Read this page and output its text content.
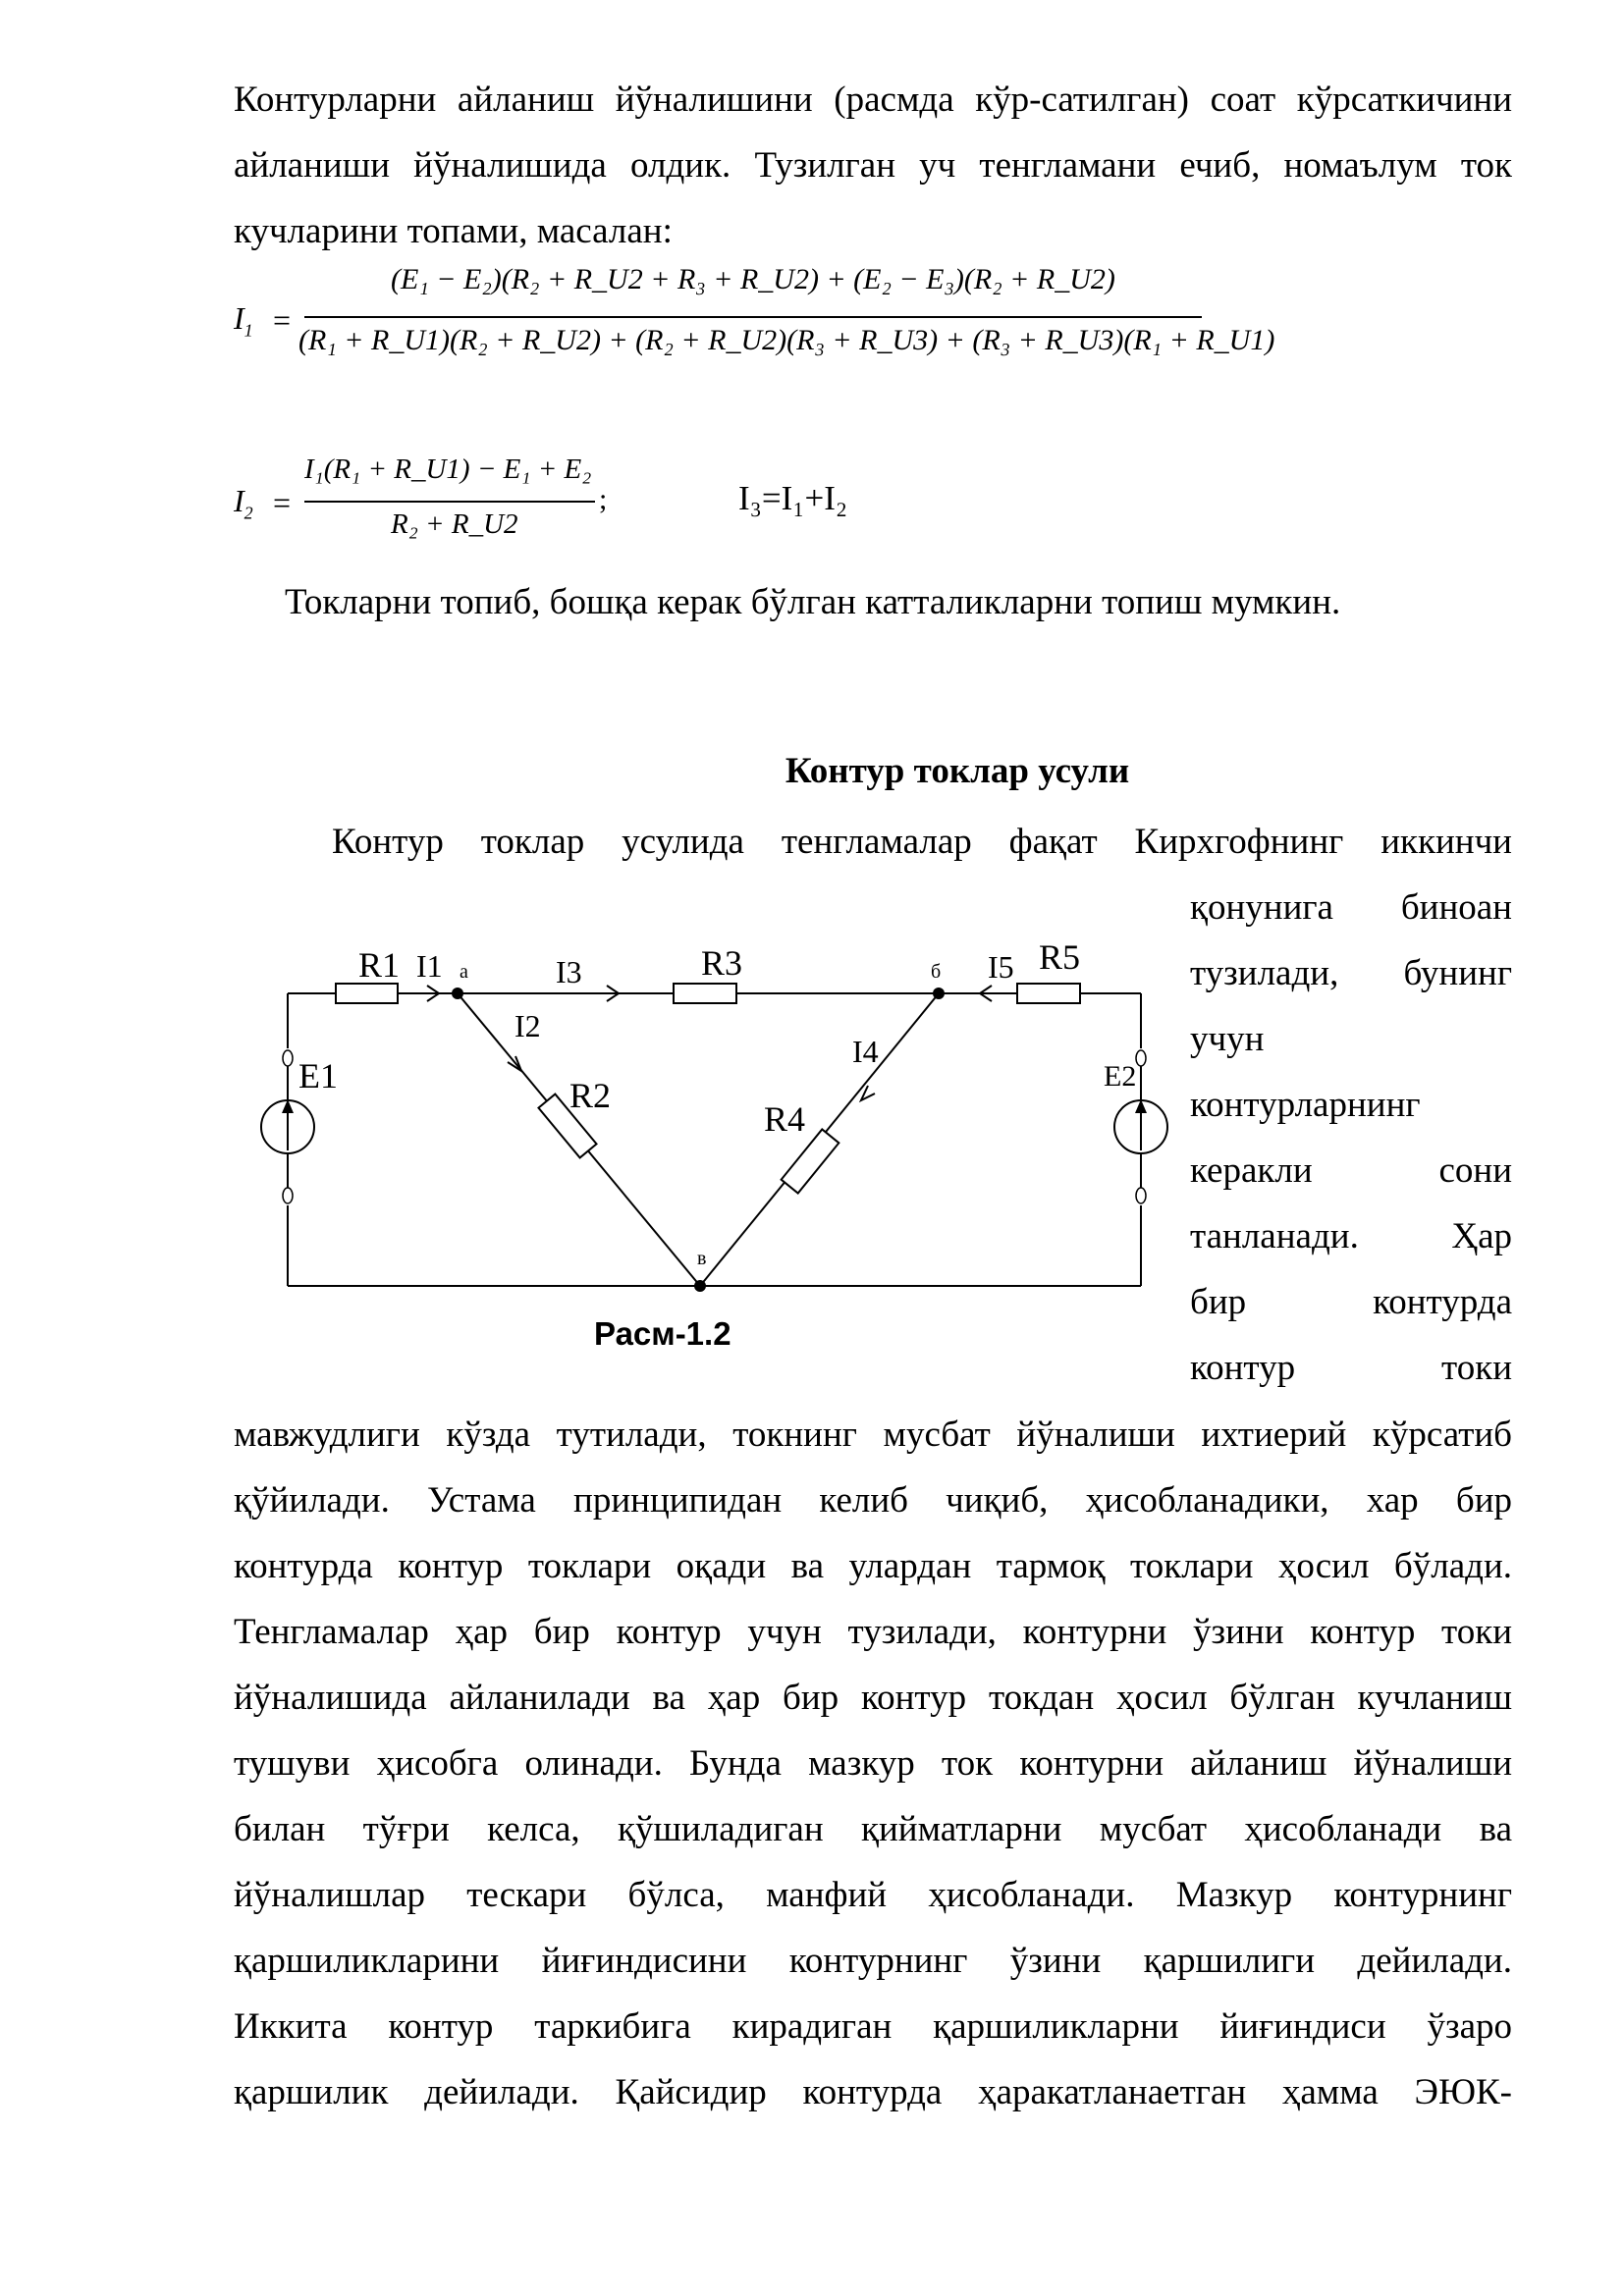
Контурларни айланиш йўналишини (расмда кўр-сатилган) соат кўрсаткичини
айланиши йўналишида олдик. Тузилган уч тенгламани ечиб, номаълум ток
кучларини топами, масалан:
$I_1$ =
(E₁ − E₂)(R₂ + R_U2 + R₃ + R_U2) + (E₂ − E₃)(R₂ + R_U2)
(R₁ + R_U1)(R₂ + R_U2) + (R₂ + R_U2)(R₃ + R_U3) + (R₃ + R_U3)(R₁ + R_U1)
$I_2$ =
I₁(R₁ + R_U1) − E₁ + E₂
R₂ + R_U2
;	I₃=I₁+I₂
Токларни топиб, бошқа керак бўлган катталикларни топиш мумкин.
Контур токлар усули
Контур токлар усулида тенгламалар фақат Кирхгофнинг иккинчи
қонунига биноан
тузилади, бунинг
учун
контурларнинг
керакли сони
танланади. Ҳар
бир контурда
контур токи
R1	R3	R5
R2
R4
E1	E2
I1	I3	I5
I2
I4
a	б
в
Расм-1.2
мавжудлиги кўзда тутилади, токнинг мусбат йўналиши ихтиерий кўрсатиб
қўйилади. Устама принципидан келиб чиқиб, ҳисобланадики, хар бир
контурда контур токлари оқади ва улардан тармоқ токлари ҳосил бўлади.
Тенгламалар ҳар бир контур учун тузилади, контурни ўзини контур токи
йўналишида айланилади ва ҳар бир контур токдан ҳосил бўлган кучланиш
тушуви ҳисобга олинади. Бунда мазкур ток контурни айланиш йўналиши
билан тўғри келса, қўшиладиган қийматларни мусбат ҳисобланади ва
йўналишлар тескари бўлса, манфий ҳисобланади. Мазкур контурнинг
қаршиликларини йиғиндисини контурнинг ўзини қаршилиги дейилади.
Иккита контур таркибига кирадиган қаршиликларни йиғиндиси ўзаро
қаршилик дейилади. Қайсидир контурда ҳаракатланаетган ҳамма ЭЮК-
